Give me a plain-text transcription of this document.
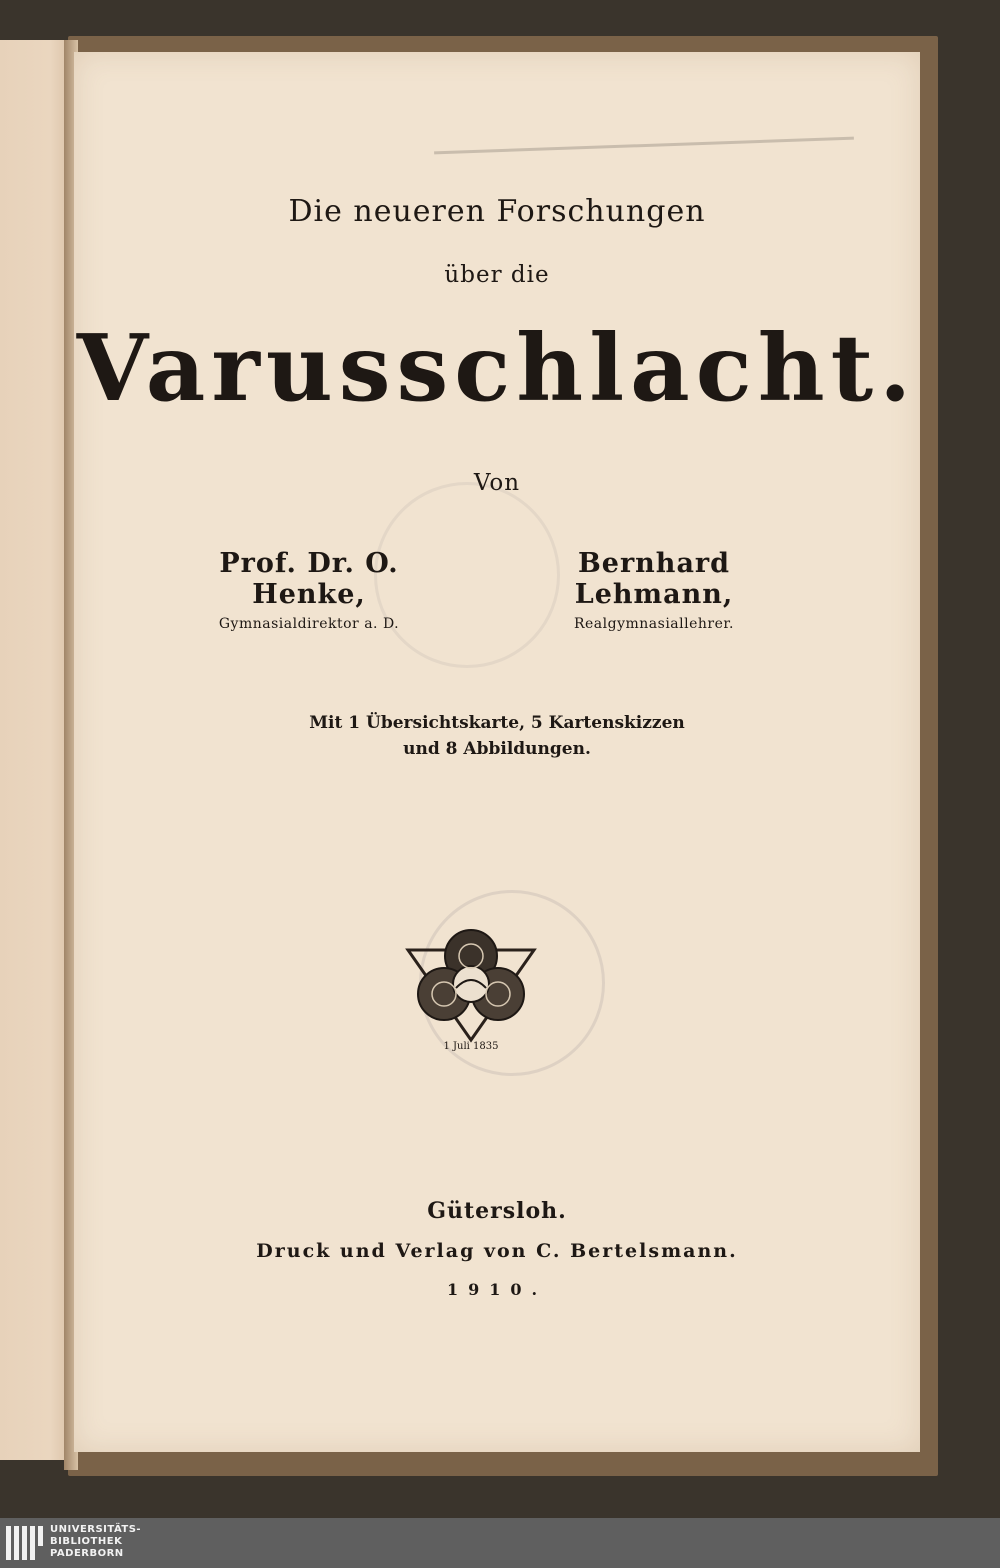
Die neueren Forschungen
über die
Varusschlacht.
Von
Prof. Dr. O. Henke,
Gymnasialdirektor a. D.
Bernhard Lehmann,
Realgymnasiallehrer.
Mit 1 Übersichtskarte, 5 Kartenskizzen
und 8 Abbildungen.
1 Juli 1835
Gütersloh.
Druck und Verlag von C. Bertelsmann.
1910.
UNIVERSITÄTS-
BIBLIOTHEK
PADERBORN
